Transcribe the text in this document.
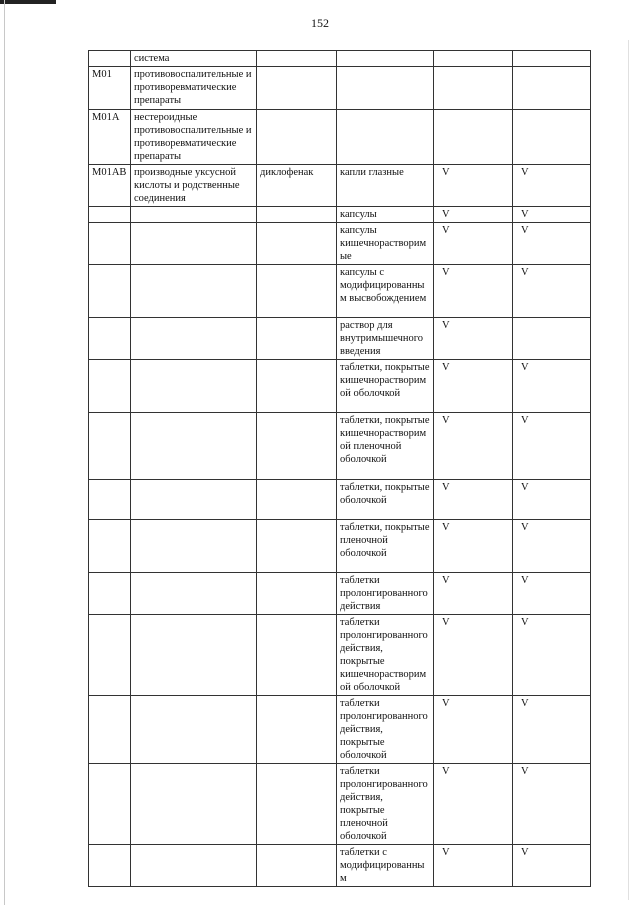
152
	система				
M01	противовоспалительные и противоревматические препараты				
M01A	нестероидные противовоспалительные и противоревматические препараты				
M01AB	производные уксусной кислоты и родственные соединения	диклофенак	капли глазные	V	V
			капсулы	V	V
			капсулы кишечнорастворимые	V	V
			капсулы с модифицированным высвобождением	V	V
			раствор для внутримышечного введения	V	
			таблетки, покрытые кишечнорастворимой оболочкой	V	V
			таблетки, покрытые кишечнорастворимой пленочной оболочкой	V	V
			таблетки, покрытые оболочкой	V	V
			таблетки, покрытые пленочной оболочкой	V	V
			таблетки пролонгированного действия	V	V
			таблетки пролонгированного действия, покрытые кишечнорастворимой оболочкой	V	V
			таблетки пролонгированного действия, покрытые оболочкой	V	V
			таблетки пролонгированного действия, покрытые пленочной оболочкой	V	V
			таблетки с модифицированным	V	V
